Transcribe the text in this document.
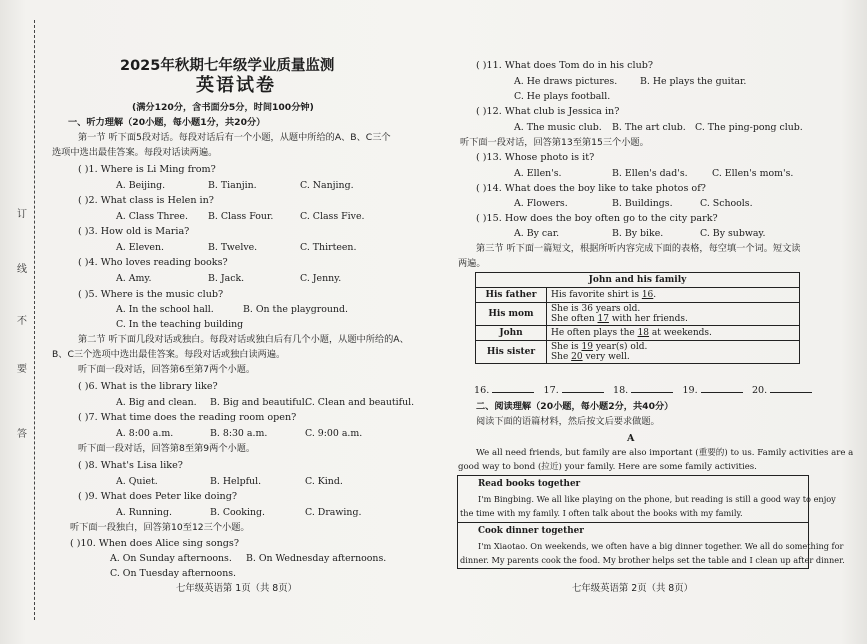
订
线
不
要
答
2025年秋期七年级学业质量监测
英语试卷
(满分120分，含书面分5分，时间100分钟)
一、听力理解（20小题，每小题1分，共20分）
第一节 听下面5段对话。每段对话后有一个小题，从题中所给的A、B、C三个
选项中选出最佳答案。每段对话读两遍。
( )1. Where is Li Ming from?
A. Beijing.	B. Tianjin.	C. Nanjing.
( )2. What class is Helen in?
A. Class Three. B. Class Four.	C. Class Five.
( )3. How old is Maria?
A. Eleven.	B. Twelve.	C. Thirteen.
( )4. Who loves reading books?
A. Amy.	B. Jack.	C. Jenny.
( )5. Where is the music club?
A. In the school hall.	B. On the playground.
C. In the teaching building
第二节 听下面几段对话或独白。每段对话或独白后有几个小题，从题中所给的A、
B、C三个选项中选出最佳答案。每段对话或独白读两遍。
听下面一段对话，回答第6至第7两个小题。
( )6. What is the library like?
A. Big and clean. B. Big and beautiful.
C. Clean and beautiful.
( )7. What time does the reading room open?
A. 8:00 a.m.	B. 8:30 a.m.	C. 9:00 a.m.
听下面一段对话，回答第8至第9两个小题。
( )8. What's Lisa like?
A. Quiet.	B. Helpful.	C. Kind.
( )9. What does Peter like doing?
A. Running.	B. Cooking.	C. Drawing.
听下面一段独白，回答第10至12三个小题。
( )10. When does Alice sing songs?
A. On Sunday afternoons. B. On Wednesday afternoons.
C. On Tuesday afternoons.
七年级英语第 1页（共 8页）
( )11. What does Tom do in his club?
A. He draws pictures. B. He plays the guitar.
C. He plays football.
( )12. What club is Jessica in?
A. The music club. B. The art club. C. The ping-pong club.
听下面一段对话，回答第13至第15三个小题。
( )13. Whose photo is it?
A. Ellen's.	B. Ellen's dad's.	C. Ellen's mom's.
( )14. What does the boy like to take photos of?
A. Flowers.	B. Buildings.	C. Schools.
( )15. How does the boy often go to the city park?
A. By car.	B. By bike.	C. By subway.
第三节 听下面一篇短文，根据所听内容完成下面的表格，每空填一个词。短文读
两遍。
John and his family	
His father	His favorite shirt is 16.
His mom	She is 36 years old.
She often 17 with her friends.

John	He often plays the 18 at weekends.
His sister	She is 19 year(s) old.
She 20 very well.
16.	17.	18.	19.	20.
二、阅读理解（20小题，每小题2分，共40分）
阅读下面的语篇材料，然后按文后要求做题。
A
We all need friends, but family are also important (重要的) to us. Family activities are a
good way to bond (拉近) your family. Here are some family activities.
Read books together
I'm Bingbing. We all like playing on the phone, but reading is still a good way to enjoy
the time with my family. I often talk about the books with my family.
Cook dinner together
I'm Xiaotao. On weekends, we often have a big dinner together. We all do something for
dinner. My parents cook the food. My brother helps set the table and I clean up after dinner.
七年级英语第 2页（共 8页）
